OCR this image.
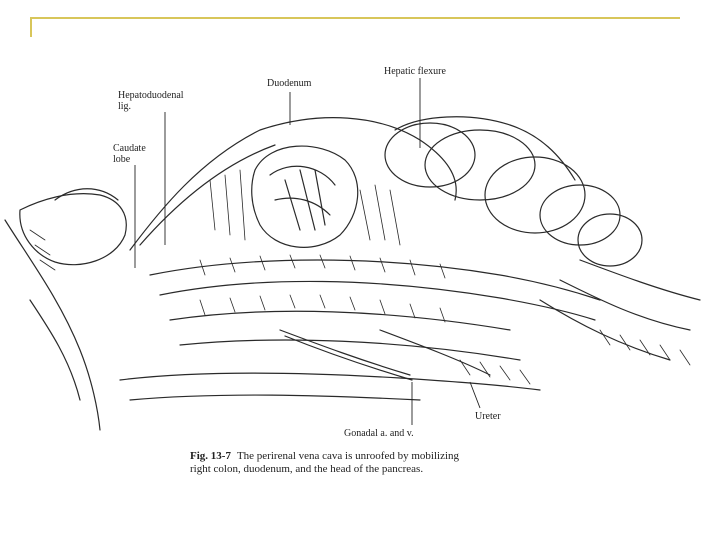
Duodenum
Hepatic flexure
Hepatoduodenal
lig.
Caudate
lobe
Gonadal a. and v.
Ureter
Fig. 13-7 The perirenal vena cava is unroofed by mobilizing
right colon, duodenum, and the head of the pancreas.
